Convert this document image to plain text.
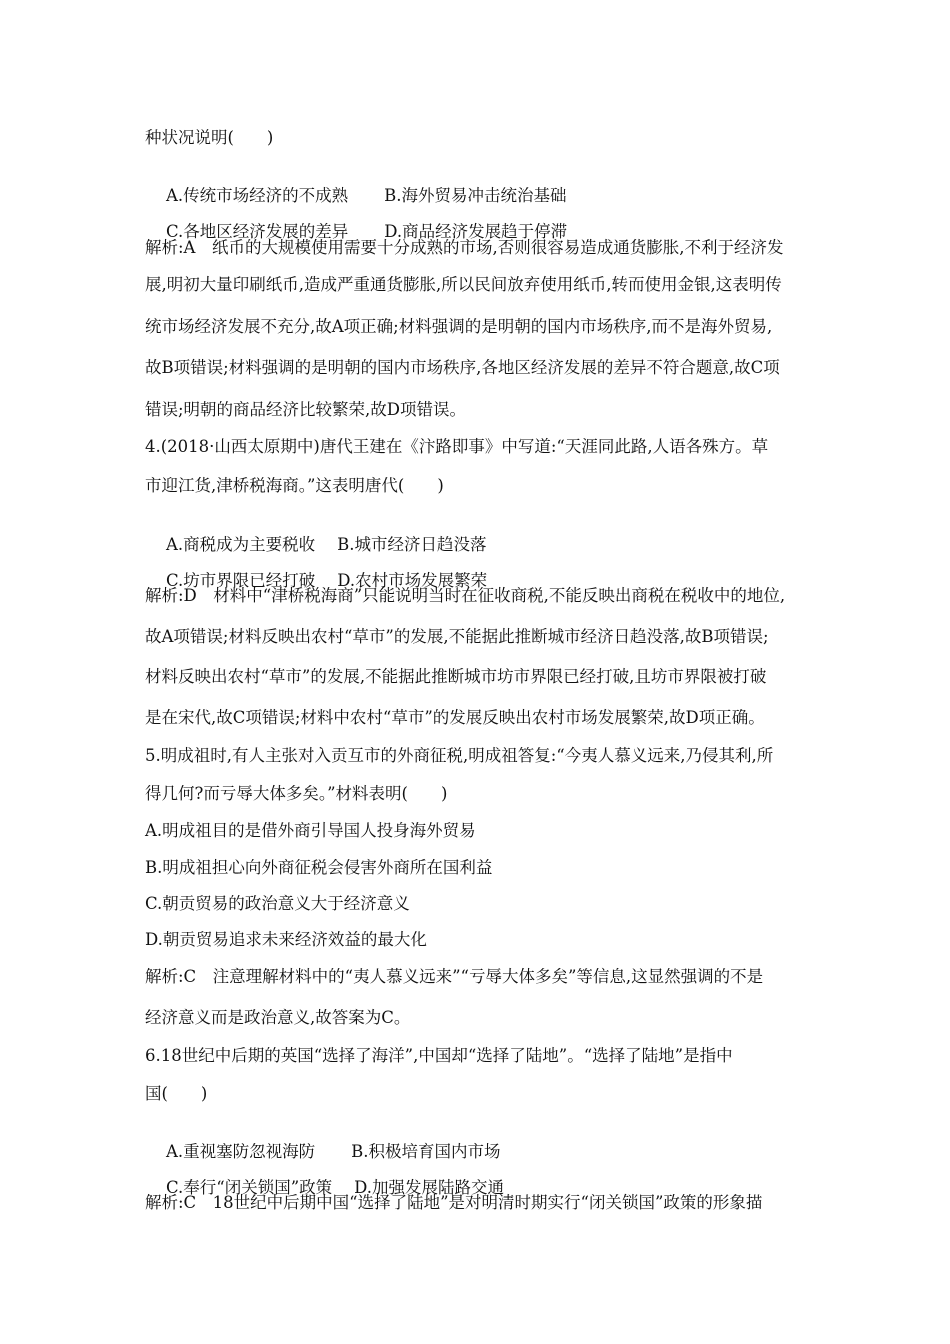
种状况说明(　　)

A.传统市场经济的不成熟 B.海外贸易冲击统治基础

C.各地区经济发展的差异 D.商品经济发展趋于停滞

解析:A　纸币的大规模使用需要十分成熟的市场,否则很容易造成通货膨胀,不利于经济发
展,明初大量印刷纸币,造成严重通货膨胀,所以民间放弃使用纸币,转而使用金银,这表明传
统市场经济发展不充分,故A项正确;材料强调的是明朝的国内市场秩序,而不是海外贸易,
故B项错误;材料强调的是明朝的国内市场秩序,各地区经济发展的差异不符合题意,故C项
错误;明朝的商品经济比较繁荣,故D项错误。
4.(2018·山西太原期中)唐代王建在《汴路即事》中写道:“天涯同此路,人语各殊方。草
市迎江货,津桥税海商。”这表明唐代(　　)

A.商税成为主要税收 B.城市经济日趋没落

C.坊市界限已经打破 D.农村市场发展繁荣

解析:D　材料中“津桥税海商”只能说明当时在征收商税,不能反映出商税在税收中的地位,
故A项错误;材料反映出农村“草市”的发展,不能据此推断城市经济日趋没落,故B项错误;
材料反映出农村“草市”的发展,不能据此推断城市坊市界限已经打破,且坊市界限被打破
是在宋代,故C项错误;材料中农村“草市”的发展反映出农村市场发展繁荣,故D项正确。
5.明成祖时,有人主张对入贡互市的外商征税,明成祖答复:“今夷人慕义远来,乃侵其利,所
得几何?而亏辱大体多矣。”材料表明(　　)
A.明成祖目的是借外商引导国人投身海外贸易
B.明成祖担心向外商征税会侵害外商所在国利益
C.朝贡贸易的政治意义大于经济意义
D.朝贡贸易追求未来经济效益的最大化
解析:C　注意理解材料中的“夷人慕义远来”“亏辱大体多矣”等信息,这显然强调的不是
经济意义而是政治意义,故答案为C。
6.18世纪中后期的英国“选择了海洋”,中国却“选择了陆地”。“选择了陆地”是指中
国(　　)

A.重视塞防忽视海防 B.积极培育国内市场

C.奉行“闭关锁国”政策 D.加强发展陆路交通

解析:C　18世纪中后期中国“选择了陆地”是对明清时期实行“闭关锁国”政策的形象描
